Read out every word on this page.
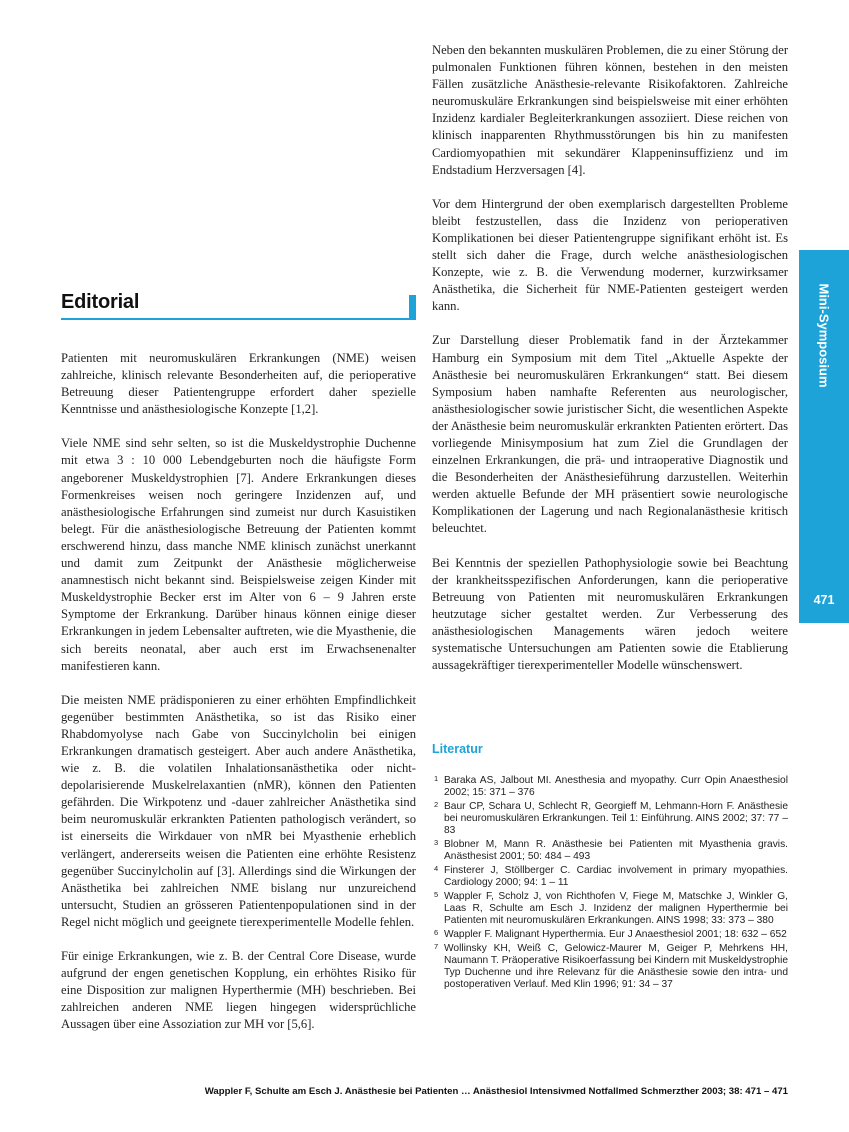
Editorial

Patienten mit neuromuskulären Erkrankungen (NME) weisen zahlreiche, klinisch relevante Besonderheiten auf, die perioperative Betreuung dieser Patientengruppe erfordert daher spezielle Kenntnisse und anästhesiologische Konzepte [1,2].

Viele NME sind sehr selten, so ist die Muskeldystrophie Duchenne mit etwa 3 : 10 000 Lebendgeburten noch die häufigste Form angeborener Muskeldystrophien [7]. Andere Erkrankungen dieses Formenkreises weisen noch geringere Inzidenzen auf, und anästhesiologische Erfahrungen sind zumeist nur durch Kasuistiken belegt. Für die anästhesiologische Betreuung der Patienten kommt erschwerend hinzu, dass manche NME klinisch zunächst unerkannt und damit zum Zeitpunkt der Anästhesie möglicherweise anamnestisch nicht bekannt sind. Beispielsweise zeigen Kinder mit Muskeldystrophie Becker erst im Alter von 6 – 9 Jahren erste Symptome der Erkrankung. Darüber hinaus können einige dieser Erkrankungen in jedem Lebensalter auftreten, wie die Myasthenie, die sich bereits neonatal, aber auch erst im Erwachsenenalter manifestieren kann.

Die meisten NME prädisponieren zu einer erhöhten Empfindlichkeit gegenüber bestimmten Anästhetika, so ist das Risiko einer Rhabdomyolyse nach Gabe von Succinylcholin bei einigen Erkrankungen dramatisch gesteigert. Aber auch andere Anästhetika, wie z. B. die volatilen Inhalationsanästhetika oder nicht-depolarisierende Muskelrelaxantien (nMR), können den Patienten gefährden. Die Wirkpotenz und -dauer zahlreicher Anästhetika sind beim neuromuskulär erkrankten Patienten pathologisch verändert, so ist einerseits die Wirkdauer von nMR bei Myasthenie erheblich verlängert, andererseits weisen die Patienten eine erhöhte Resistenz gegenüber Succinylcholin auf [3]. Allerdings sind die Wirkungen der Anästhetika bei zahlreichen NME bislang nur unzureichend untersucht, Studien an grösseren Patientenpopulationen sind in der Regel nicht möglich und geeignete tierexperimentelle Modelle fehlen.

Für einige Erkrankungen, wie z. B. der Central Core Disease, wurde aufgrund der engen genetischen Kopplung, ein erhöhtes Risiko für eine Disposition zur malignen Hyperthermie (MH) beschrieben. Bei zahlreichen anderen NME liegen hingegen widersprüchliche Aussagen über eine Assoziation zur MH vor [5,6].

Neben den bekannten muskulären Problemen, die zu einer Störung der pulmonalen Funktionen führen können, bestehen in den meisten Fällen zusätzliche Anästhesie-relevante Risikofaktoren. Zahlreiche neuromuskuläre Erkrankungen sind beispielsweise mit einer erhöhten Inzidenz kardialer Begleiterkrankungen assoziiert. Diese reichen von klinisch inapparenten Rhythmusstörungen bis hin zu manifesten Cardiomyopathien mit sekundärer Klappeninsuffizienz und im Endstadium Herzversagen [4].

Vor dem Hintergrund der oben exemplarisch dargestellten Probleme bleibt festzustellen, dass die Inzidenz von perioperativen Komplikationen bei dieser Patientengruppe signifikant erhöht ist. Es stellt sich daher die Frage, durch welche anästhesiologischen Konzepte, wie z. B. die Verwendung moderner, kurzwirksamer Anästhetika, die Sicherheit für NME-Patienten gesteigert werden kann.

Zur Darstellung dieser Problematik fand in der Ärztekammer Hamburg ein Symposium mit dem Titel „Aktuelle Aspekte der Anästhesie bei neuromuskulären Erkrankungen“ statt. Bei diesem Symposium haben namhafte Referenten aus neurologischer, anästhesiologischer sowie juristischer Sicht, die wesentlichen Aspekte der Anästhesie beim neuromuskulär erkrankten Patienten erörtert. Das vorliegende Minisymposium hat zum Ziel die Grundlagen der einzelnen Erkrankungen, die prä- und intraoperative Diagnostik und die Besonderheiten der Anästhesieführung darzustellen. Weiterhin werden aktuelle Befunde der MH präsentiert sowie neurologische Komplikationen der Lagerung und nach Regionalanästhesie kritisch beleuchtet.

Bei Kenntnis der speziellen Pathophysiologie sowie bei Beachtung der krankheitsspezifischen Anforderungen, kann die perioperative Betreuung von Patienten mit neuromuskulären Erkrankungen heutzutage sicher gestaltet werden. Zur Verbesserung des anästhesiologischen Managements wären jedoch weitere systematische Untersuchungen am Patienten sowie die Etablierung aussagekräftiger tierexperimenteller Modelle wünschenswert.

Literatur
1 Baraka AS, Jalbout MI. Anesthesia and myopathy. Curr Opin Anaesthesiol 2002; 15: 371 – 376
2 Baur CP, Schara U, Schlecht R, Georgieff M, Lehmann-Horn F. Anästhesie bei neuromuskulären Erkrankungen. Teil 1: Einführung. AINS 2002; 37: 77 – 83
3 Blobner M, Mann R. Anästhesie bei Patienten mit Myasthenia gravis. Anästhesist 2001; 50: 484 – 493
4 Finsterer J, Stöllberger C. Cardiac involvement in primary myopathies. Cardiology 2000; 94: 1 – 11
5 Wappler F, Scholz J, von Richthofen V, Fiege M, Matschke J, Winkler G, Laas R, Schulte am Esch J. Inzidenz der malignen Hyperthermie bei Patienten mit neuromuskulären Erkrankungen. AINS 1998; 33: 373 – 380
6 Wappler F. Malignant Hyperthermia. Eur J Anaesthesiol 2001; 18: 632 – 652
7 Wollinsky KH, Weiß C, Gelowicz-Maurer M, Geiger P, Mehrkens HH, Naumann T. Präoperative Risikoerfassung bei Kindern mit Muskeldystrophie Typ Duchenne und ihre Relevanz für die Anästhesie sowie den intra- und postoperativen Verlauf. Med Klin 1996; 91: 34 – 37
Mini-Symposium
471
Wappler F, Schulte am Esch J. Anästhesie bei Patienten … Anästhesiol Intensivmed Notfallmed Schmerzther 2003; 38: 471 – 471
